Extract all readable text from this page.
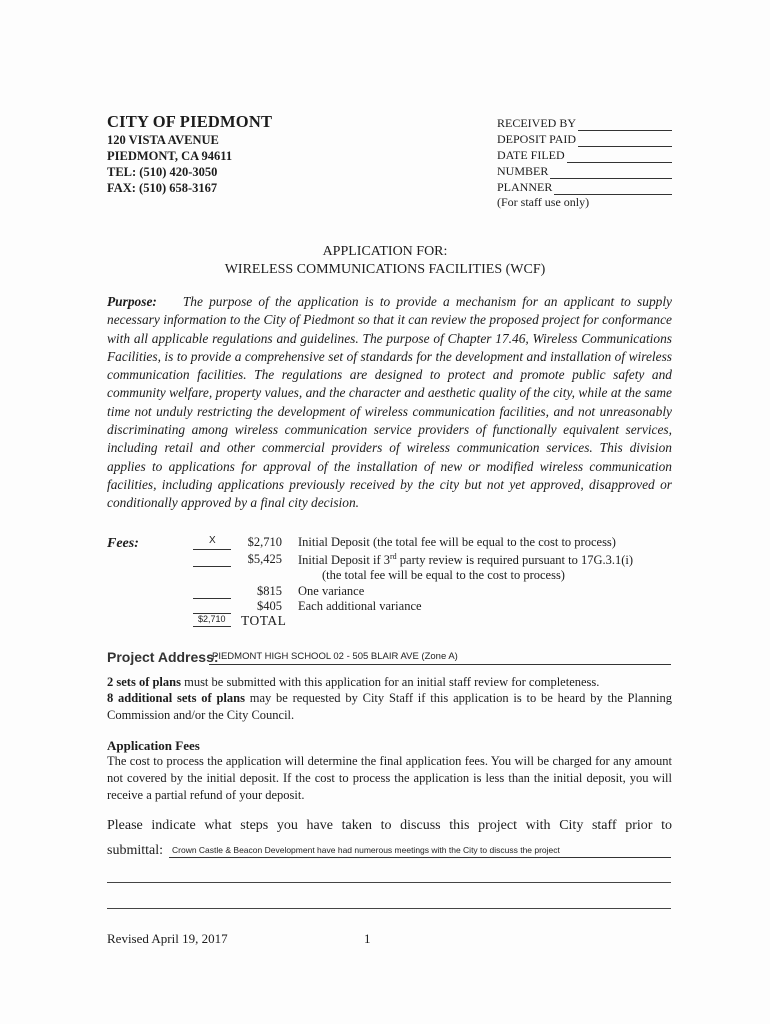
CITY OF PIEDMONT
120 VISTA AVENUE
PIEDMONT, CA 94611
TEL: (510) 420-3050
FAX: (510) 658-3167
RECEIVED BY
DEPOSIT PAID
DATE FILED
NUMBER
PLANNER
(For staff use only)
APPLICATION FOR:
WIRELESS COMMUNICATIONS FACILITIES (WCF)
Purpose: The purpose of the application is to provide a mechanism for an applicant to supply necessary information to the City of Piedmont so that it can review the proposed project for conformance with all applicable regulations and guidelines. The purpose of Chapter 17.46, Wireless Communications Facilities, is to provide a comprehensive set of standards for the development and installation of wireless communication facilities. The regulations are designed to protect and promote public safety and community welfare, property values, and the character and aesthetic quality of the city, while at the same time not unduly restricting the development of wireless communication facilities, and not unreasonably discriminating among wireless communication service providers of functionally equivalent services, including retail and other commercial providers of wireless communication services. This division applies to applications for approval of the installation of new or modified wireless communication facilities, including applications previously received by the city but not yet approved, disapproved or conditionally approved by a final city decision.
Fees:	X	$2,710 Initial Deposit (the total fee will be equal to the cost to process)
$5,425 Initial Deposit if 3rd party review is required pursuant to 17G.3.1(i)
(the total fee will be equal to the cost to process)
$815 One variance
$405 Each additional variance
$2,710 TOTAL
Project Address:
PIEDMONT HIGH SCHOOL 02 - 505 BLAIR AVE (Zone A)
2 sets of plans must be submitted with this application for an initial staff review for completeness.
8 additional sets of plans may be requested by City Staff if this application is to be heard by the Planning Commission and/or the City Council.
Application Fees
The cost to process the application will determine the final application fees. You will be charged for any amount not covered by the initial deposit. If the cost to process the application is less than the initial deposit, you will receive a partial refund of your deposit.
Please indicate what steps you have taken to discuss this project with City staff prior to
submittal: Crown Castle & Beacon Development have had numerous meetings with the City to discuss the project
Revised April 19, 2017	1
